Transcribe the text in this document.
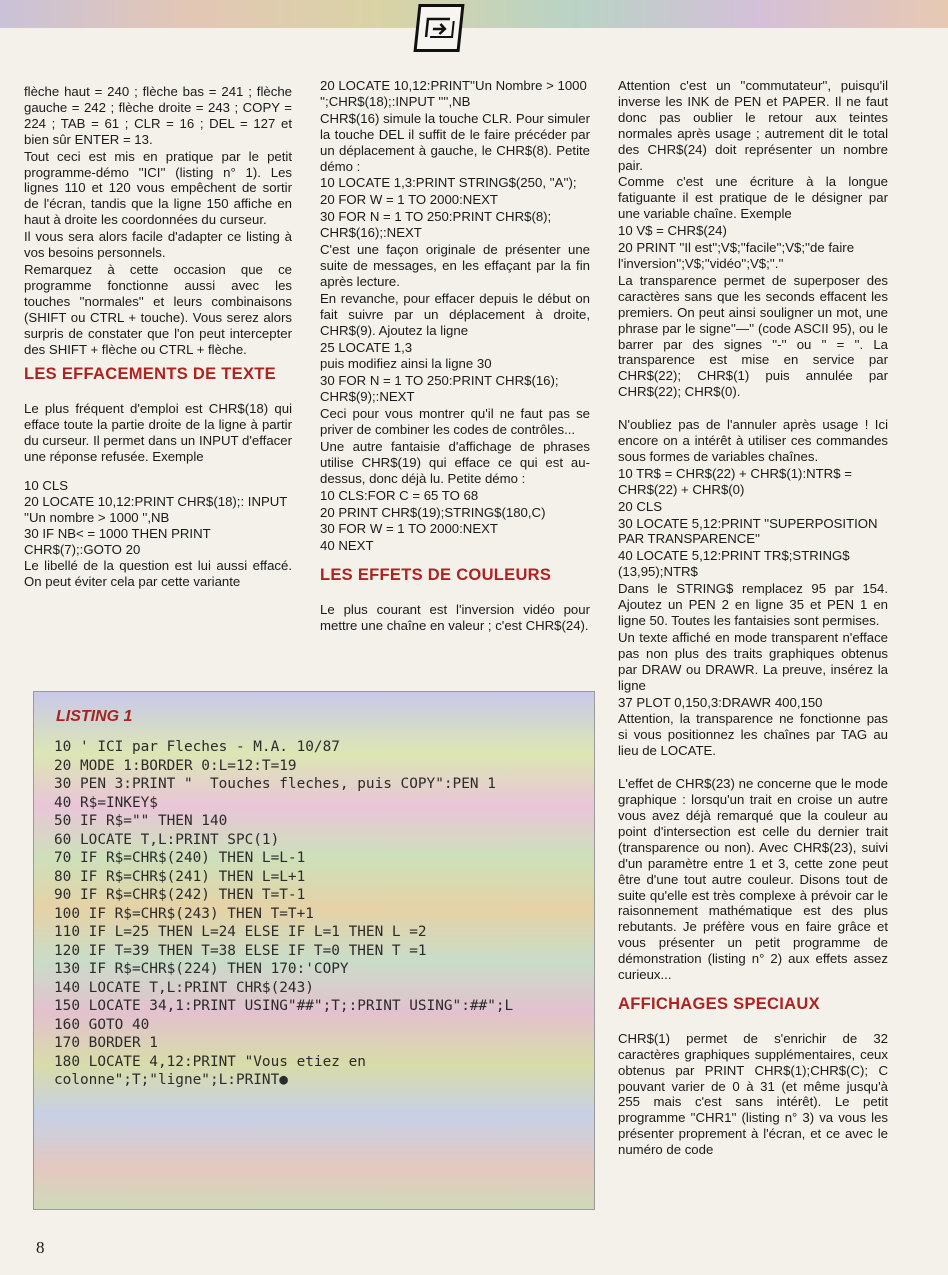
flèche haut = 240 ; flèche bas = 241 ; flèche gauche = 242 ; flèche droite = 243 ; COPY = 224 ; TAB = 61 ; CLR = 16 ; DEL = 127 et bien sûr ENTER = 13.

Tout ceci est mis en pratique par le petit programme-démo ''ICI'' (listing n° 1). Les lignes 110 et 120 vous empêchent de sortir de l'écran, tandis que la ligne 150 affiche en haut à droite les coordonnées du curseur.

Il vous sera alors facile d'adapter ce listing à vos besoins personnels.

Remarquez à cette occasion que ce programme fonctionne aussi avec les touches ''normales'' et leurs combinaisons (SHIFT ou CTRL + touche). Vous serez alors surpris de constater que l'on peut intercepter des SHIFT + flèche ou CTRL + flèche.

LES EFFACEMENTS DE TEXTE

Le plus fréquent d'emploi est CHR$(18) qui efface toute la partie droite de la ligne à partir du curseur. Il permet dans un INPUT d'effacer une réponse refusée. Exemple

10 CLS
20 LOCATE 10,12:PRINT CHR$(18);: INPUT ''Un nombre > 1000 '',NB
30 IF NB< = 1000 THEN PRINT CHR$(7);:GOTO 20

Le libellé de la question est lui aussi effacé. On peut éviter cela par cette variante

20 LOCATE 10,12:PRINT''Un Nombre > 1000 '';CHR$(18);:INPUT '''',NB

CHR$(16) simule la touche CLR. Pour simuler la touche DEL il suffit de le faire précéder par un déplacement à gauche, le CHR$(8). Petite démo :

10 LOCATE 1,3:PRINT STRING$(250, ''A'');

20 FOR W = 1 TO 2000:NEXT

30 FOR N = 1 TO 250:PRINT CHR$(8); CHR$(16);:NEXT

C'est une façon originale de présenter une suite de messages, en les effaçant par la fin après lecture.

En revanche, pour effacer depuis le début on fait suivre par un déplacement à droite, CHR$(9). Ajoutez la ligne

25 LOCATE 1,3

puis modifiez ainsi la ligne 30

30 FOR N = 1 TO 250:PRINT CHR$(16); CHR$(9);:NEXT

Ceci pour vous montrer qu'il ne faut pas se priver de combiner les codes de contrôles...

Une autre fantaisie d'affichage de phrases utilise CHR$(19) qui efface ce qui est au- dessus, donc déjà lu. Petite démo :

10 CLS:FOR C = 65 TO 68

20 PRINT CHR$(19);STRING$(180,C)

30 FOR W = 1 TO 2000:NEXT

40 NEXT

LES EFFETS DE COULEURS

Le plus courant est l'inversion vidéo pour mettre une chaîne en valeur ; c'est CHR$(24).

Attention c'est un ''commutateur'', puisqu'il inverse les INK de PEN et PAPER. Il ne faut donc pas oublier le retour aux teintes normales après usage ; autrement dit le total des CHR$(24) doit représenter un nombre pair.

Comme c'est une écriture à la longue fatiguante il est pratique de le désigner par une variable chaîne. Exemple

10 V$ = CHR$(24)

20 PRINT ''Il est'';V$;''facile'';V$;''de faire l'inversion'';V$;''vidéo'';V$;''.''

La transparence permet de superposer des caractères sans que les seconds effacent les premiers. On peut ainsi souligner un mot, une phrase par le signe''—'' (code ASCII 95), ou le barrer par des signes ''-'' ou '' = ''. La transparence est mise en service par CHR$(22); CHR$(1) puis annulée par CHR$(22); CHR$(0).

N'oubliez pas de l'annuler après usage ! Ici encore on a intérêt à utiliser ces commandes sous formes de variables chaînes.

10 TR$ = CHR$(22) + CHR$(1):NTR$ = CHR$(22) + CHR$(0)

20 CLS

30 LOCATE 5,12:PRINT ''SUPERPOSITION PAR TRANSPARENCE''

40 LOCATE 5,12:PRINT TR$;STRING$ (13,95);NTR$

Dans le STRING$ remplacez 95 par 154. Ajoutez un PEN 2 en ligne 35 et PEN 1 en ligne 50. Toutes les fantaisies sont permises.

Un texte affiché en mode transparent n'efface pas non plus des traits graphiques obtenus par DRAW ou DRAWR. La preuve, insérez la ligne

37 PLOT 0,150,3:DRAWR 400,150

Attention, la transparence ne fonctionne pas si vous positionnez les chaînes par TAG au lieu de LOCATE.

L'effet de CHR$(23) ne concerne que le mode graphique : lorsqu'un trait en croise un autre vous avez déjà remarqué que la couleur au point d'intersection est celle du dernier trait (transparence ou non). Avec CHR$(23), suivi d'un paramètre entre 1 et 3, cette zone peut être d'une tout autre couleur. Disons tout de suite qu'elle est très complexe à prévoir car le raisonnement mathématique est des plus rebutants. Je préfère vous en faire grâce et vous présenter un petit programme de démonstration (listing n° 2) aux effets assez curieux...

AFFICHAGES SPECIAUX

CHR$(1) permet de s'enrichir de 32 caractères graphiques supplémentaires, ceux obtenus par PRINT CHR$(1);CHR$(C); C pouvant varier de 0 à 31 (et même jusqu'à 255 mais c'est sans intérêt). Le petit programme ''CHR1'' (listing n° 3) va vous les présenter proprement à l'écran, et ce avec le numéro de code

LISTING 1
10 ' ICI par Fleches - M.A. 10/87
20 MODE 1:BORDER 0:L=12:T=19
30 PEN 3:PRINT "  Touches fleches, puis COPY":PEN 1
40 R$=INKEY$
50 IF R$="" THEN 140
60 LOCATE T,L:PRINT SPC(1)
70 IF R$=CHR$(240) THEN L=L-1
80 IF R$=CHR$(241) THEN L=L+1
90 IF R$=CHR$(242) THEN T=T-1
100 IF R$=CHR$(243) THEN T=T+1
110 IF L=25 THEN L=24 ELSE IF L=1 THEN L =2
120 IF T=39 THEN T=38 ELSE IF T=0 THEN T =1
130 IF R$=CHR$(224) THEN 170:'COPY
140 LOCATE T,L:PRINT CHR$(243)
150 LOCATE 34,1:PRINT USING"##";T;:PRINT USING":##";L
160 GOTO 40
170 BORDER 1
180 LOCATE 4,12:PRINT "Vous etiez en colonne";T;"ligne";L:PRINT●
8
